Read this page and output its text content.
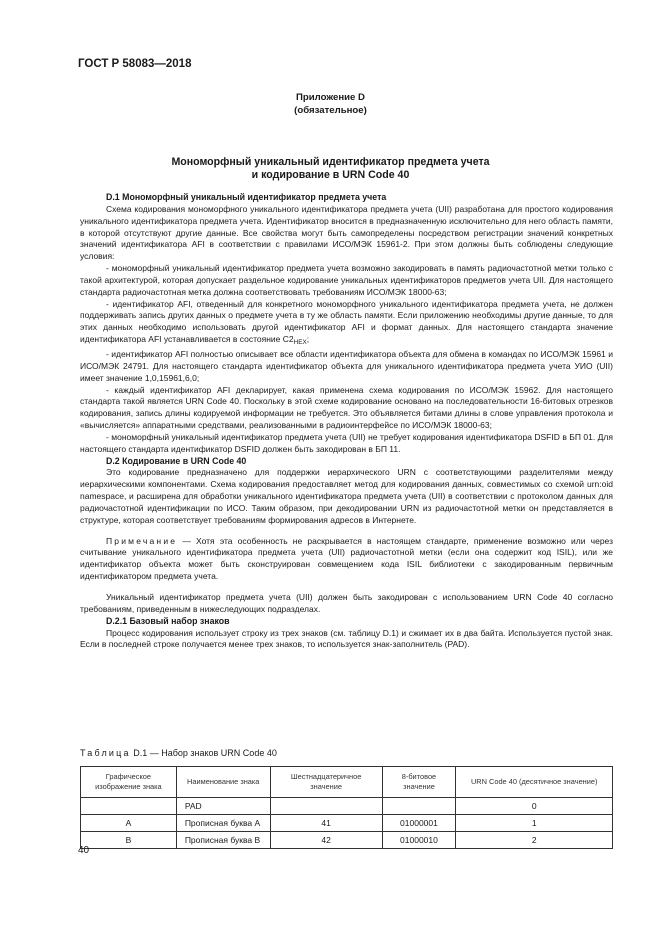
ГОСТ Р 58083—2018
Приложение D
(обязательное)
Мономорфный уникальный идентификатор предмета учета
и кодирование в URN Code 40
D.1 Мономорфный уникальный идентификатор предмета учета

Схема кодирования мономорфного уникального идентификатора предмета учета (UII) разработана для простого кодирования уникального идентификатора предмета учета. Идентификатор вносится в предназначенную исключительно для него область памяти, в которой отсутствуют другие данные. Все свойства могут быть самопределены посредством регистрации значений конкретных значений идентификатора AFI в соответствии с правилами ИСО/МЭК 15961-2. При этом должны быть соблюдены следующие условия:

- мономорфный уникальный идентификатор предмета учета возможно закодировать в память радиочастотной метки только с такой архитектурой, которая допускает раздельное кодирование уникальных идентификаторов предметов учета UII. Для настоящего стандарта радиочастотная метка должна соответствовать требованиям ИСО/МЭК 18000-63;

- идентификатор AFI, отведенный для конкретного мономорфного уникального идентификатора предмета учета, не должен поддерживать запись других данных о предмете учета в ту же область памяти. Если приложению необходимы другие данные, то для этих данных необходимо использовать другой идентификатор AFI и формат данных. Для настоящего стандарта значение идентификатора AFI устанавливается в состояние $C2_{HEX}$;

- идентификатор AFI полностью описывает все области идентификатора объекта для обмена в командах по ИСО/МЭК 15961 и ИСО/МЭК 24791. Для настоящего стандарта идентификатор объекта для уникального идентификатора предмета учета УИО (UII) имеет значение 1,0,15961,6,0;

- каждый идентификатор AFI декларирует, какая применена схема кодирования по ИСО/МЭК 15962. Для настоящего стандарта такой является URN Code 40. Поскольку в этой схеме кодирование основано на последовательности 16-битовых отрезков кодирования, запись длины кодируемой информации не требуется. Это объявляется битами длины в слове управления протокола и «вычисляется» аппаратными средствами, реализованными в радиоинтерфейсе по ИСО/МЭК 18000-63;

- мономорфный уникальный идентификатор предмета учета (UII) не требует кодирования идентификатора DSFID в БП 01. Для настоящего стандарта идентификатор DSFID должен быть закодирован в БП 11.

D.2 Кодирование в URN Code 40

Это кодирование предназначено для поддержки иерархического URN с соответствующими разделителями между иерархическими компонентами. Схема кодирования предоставляет метод для кодирования данных, совместимых со схемой urn:oid namespace, и расширена для обработки уникального идентификатора предмета учета (UII) в соответствии с протоколом данных для радиочастотной идентификации по ИСО. Таким образом, при декодировании URN из радиочастотной метки он представляется в структуре, которая соответствует требованиям формирования адресов в Интернете.

Примечание — Хотя эта особенность не раскрывается в настоящем стандарте, применение возможно или через считывание уникального идентификатора предмета учета (UII) радиочастотной метки (если она содержит код ISIL), или же идентификатор объекта может быть сконструирован совмещением кода ISIL библиотеки с закодированным первичным идентификатором предмета учета.

Уникальный идентификатор предмета учета (UII) должен быть закодирован с использованием URN Code 40 согласно требованиям, приведенным в нижеследующих подразделах.

D.2.1 Базовый набор знаков

Процесс кодирования использует строку из трех знаков (см. таблицу D.1) и сжимает их в два байта. Используется пустой знак. Если в последней строке получается менее трех знаков, то используется знак-заполнитель (PAD).

Таблица D.1 — Набор знаков URN Code 40
Графическое изображение знака	Наименование знака	Шестнадцатеричное значение	8-битовое значение	URN Code 40 (десятичное значение)
	PAD			0
A	Прописная буква A	41	01000001	1
B	Прописная буква B	42	01000010	2
40
